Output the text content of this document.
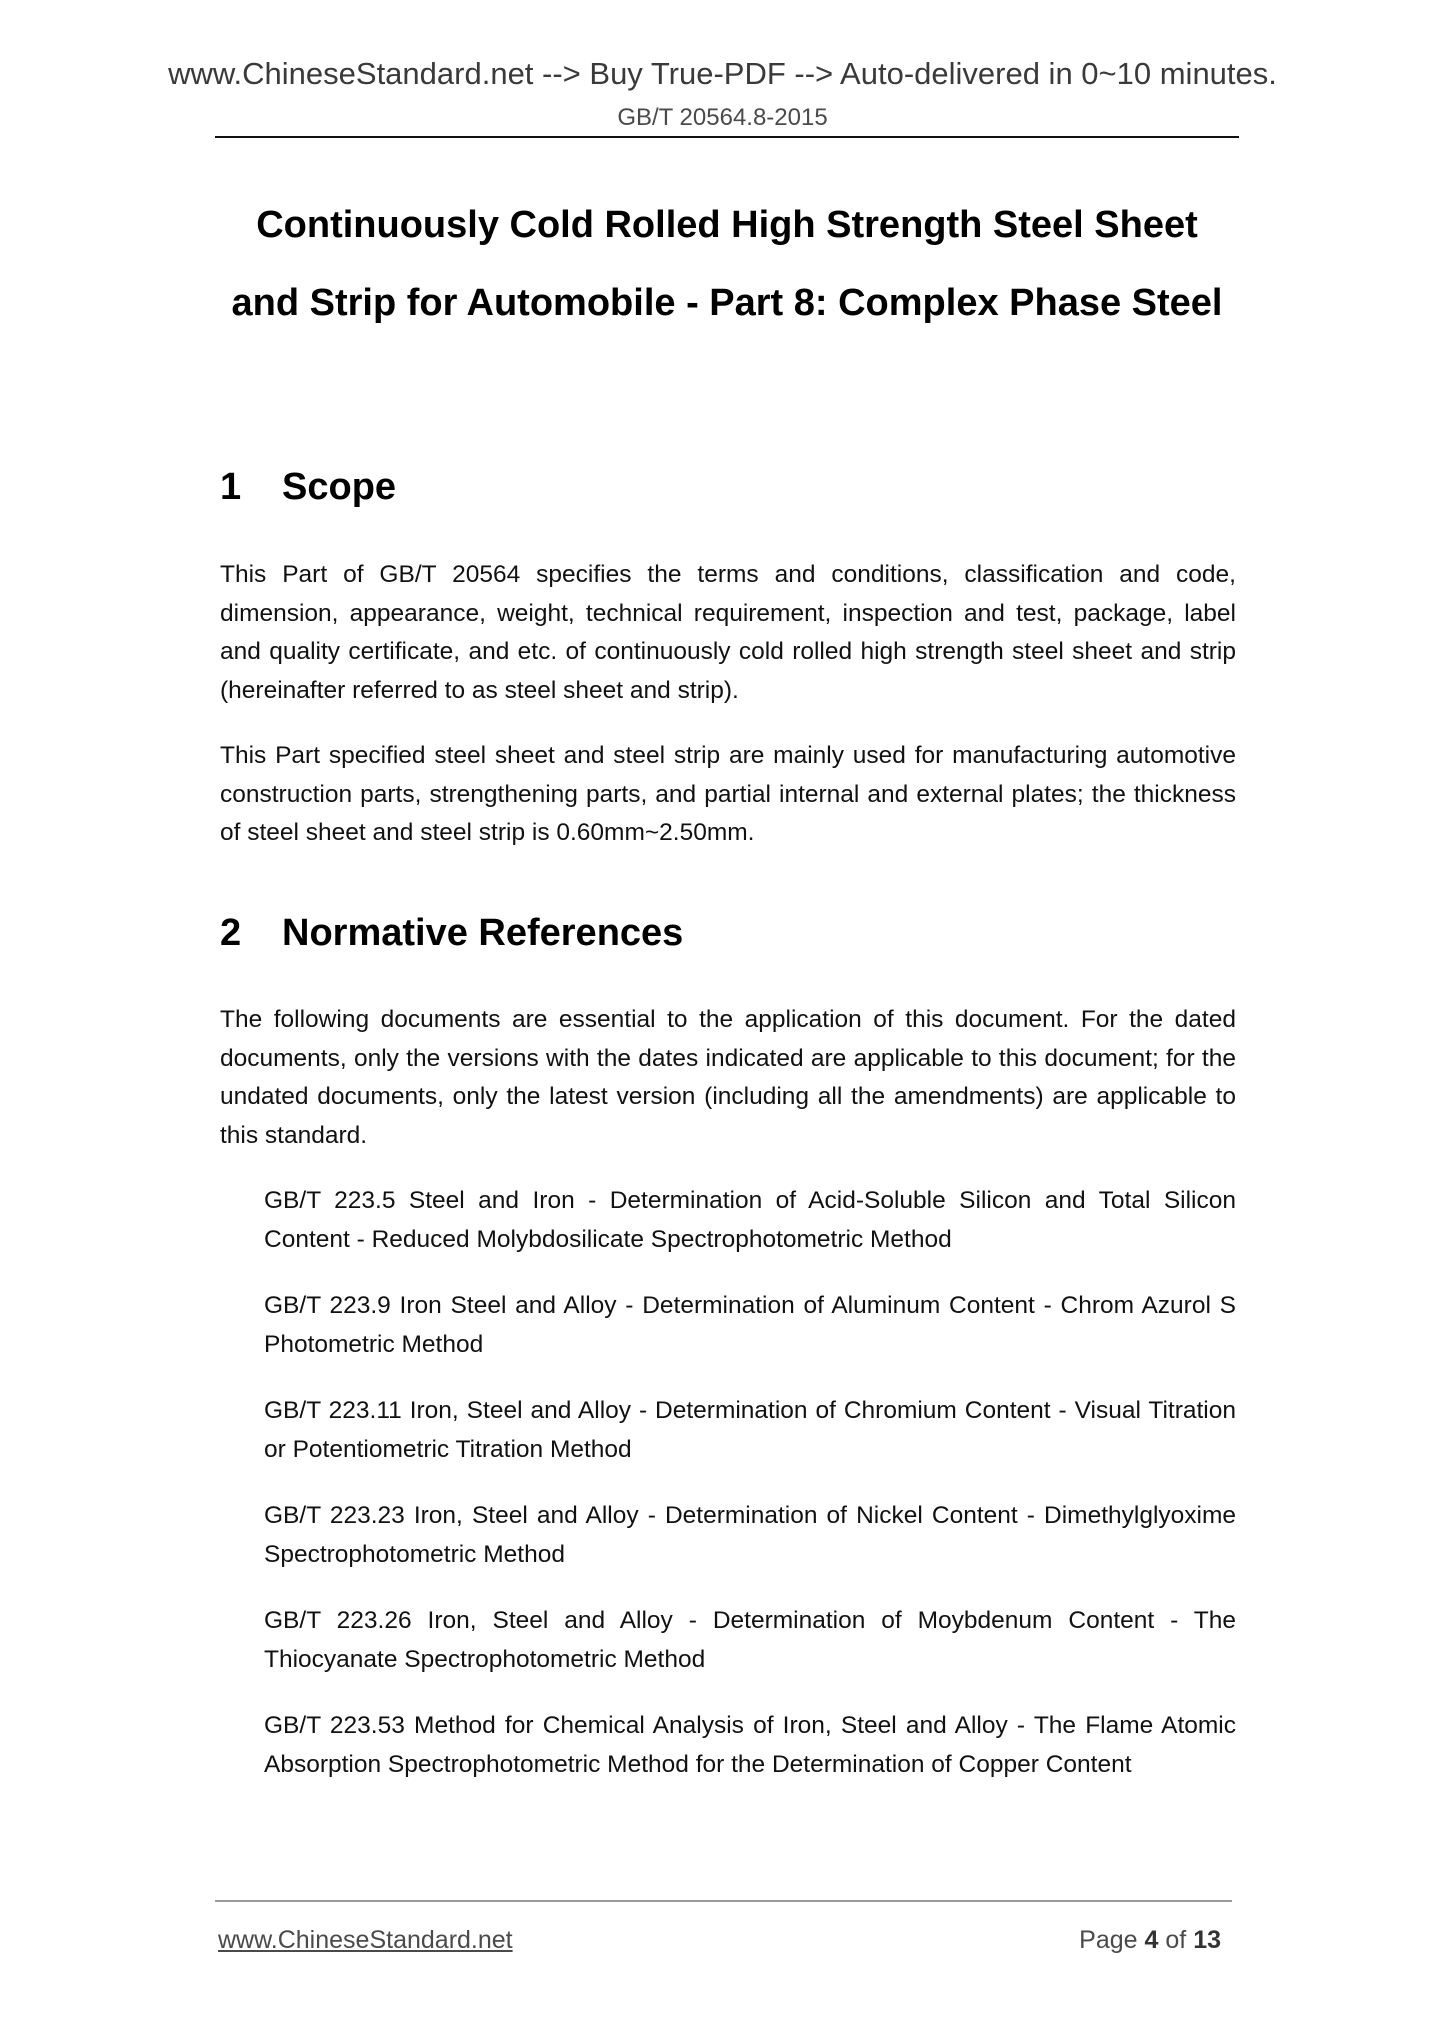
www.ChineseStandard.net --> Buy True-PDF --> Auto-delivered in 0~10 minutes.
GB/T 20564.8-2015
Continuously Cold Rolled High Strength Steel Sheet
and Strip for Automobile - Part 8: Complex Phase Steel
1 Scope
This Part of GB/T 20564 specifies the terms and conditions, classification and code, dimension, appearance, weight, technical requirement, inspection and test, package, label and quality certificate, and etc. of continuously cold rolled high strength steel sheet and strip (hereinafter referred to as steel sheet and strip).
This Part specified steel sheet and steel strip are mainly used for manufacturing automotive construction parts, strengthening parts, and partial internal and external plates; the thickness of steel sheet and steel strip is 0.60mm~2.50mm.
2 Normative References
The following documents are essential to the application of this document. For the dated documents, only the versions with the dates indicated are applicable to this document; for the undated documents, only the latest version (including all the amendments) are applicable to this standard.
GB/T 223.5 Steel and Iron - Determination of Acid-Soluble Silicon and Total Silicon Content - Reduced Molybdosilicate Spectrophotometric Method
GB/T 223.9 Iron Steel and Alloy - Determination of Aluminum Content - Chrom Azurol S Photometric Method
GB/T 223.11 Iron, Steel and Alloy - Determination of Chromium Content - Visual Titration or Potentiometric Titration Method
GB/T 223.23 Iron, Steel and Alloy - Determination of Nickel Content - Dimethylglyoxime Spectrophotometric Method
GB/T 223.26 Iron, Steel and Alloy - Determination of Moybdenum Content - The Thiocyanate Spectrophotometric Method
GB/T 223.53 Method for Chemical Analysis of Iron, Steel and Alloy - The Flame Atomic Absorption Spectrophotometric Method for the Determination of Copper Content
www.ChineseStandard.net	Page 4 of 13
